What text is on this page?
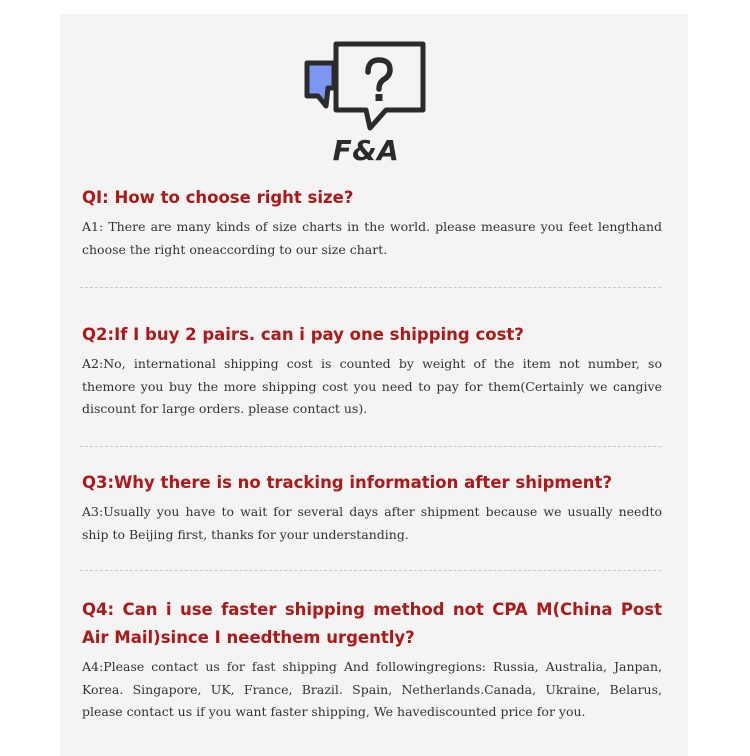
F&A

QI: How to choose right size?

A1: There are many kinds of size charts in the world. please measure you feet lengthand choose the right oneaccording to our size chart.

Q2:If I buy 2 pairs. can i pay one shipping cost?

A2:No, international shipping cost is counted by weight of the item not number, so themore you buy the more shipping cost you need to pay for them(Certainly we cangive discount for large orders. please contact us).

Q3:Why there is no tracking information after shipment?

A3:Usually you have to wait for several days after shipment because we usually needto ship to Beijing first, thanks for your understanding.

Q4: Can i use faster shipping method not CPA M(China Post Air Mail)since I needthem urgently?

A4:Please contact us for fast shipping And followingregions: Russia, Australia, Janpan, Korea. Singapore, UK, France, Brazil. Spain, Netherlands.Canada, Ukraine, Belarus, please contact us if you want faster shipping, We havediscounted price for you.
